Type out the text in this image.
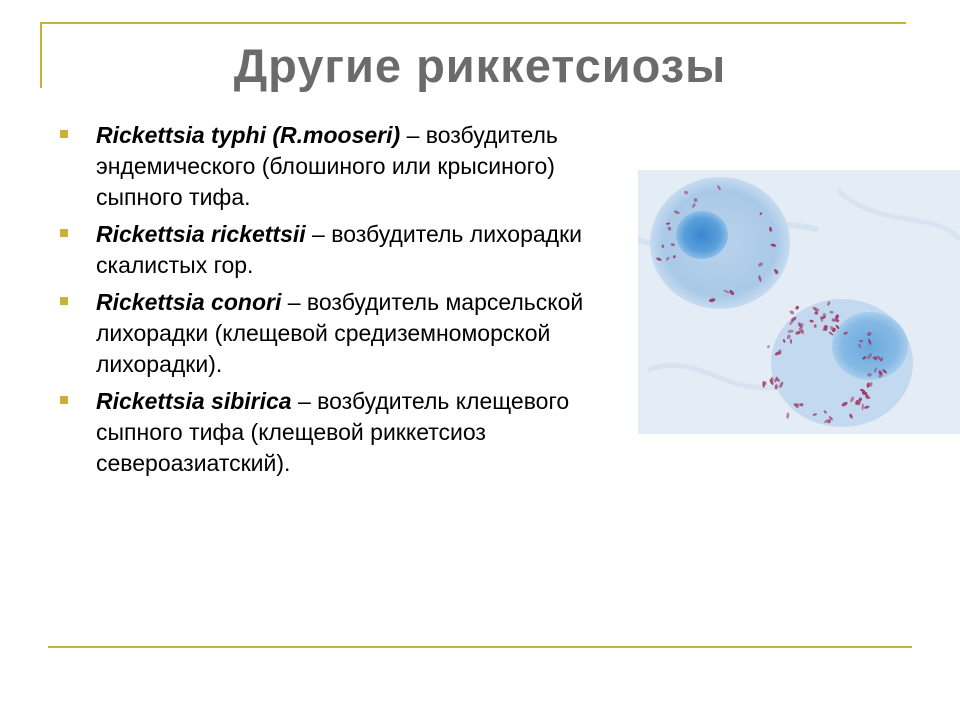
Другие риккетсиозы
Rickettsia typhi (R.mooseri) – возбудитель эндемического (блошиного или крысиного) сыпного тифа.
Rickettsia rickettsii – возбудитель лихорадки скалистых гор.
Rickettsia conori – возбудитель марсельской лихорадки (клещевой средиземноморской лихорадки).
Rickettsia sibirica – возбудитель клещевого сыпного тифа (клещевой риккетсиоз североазиатский).
